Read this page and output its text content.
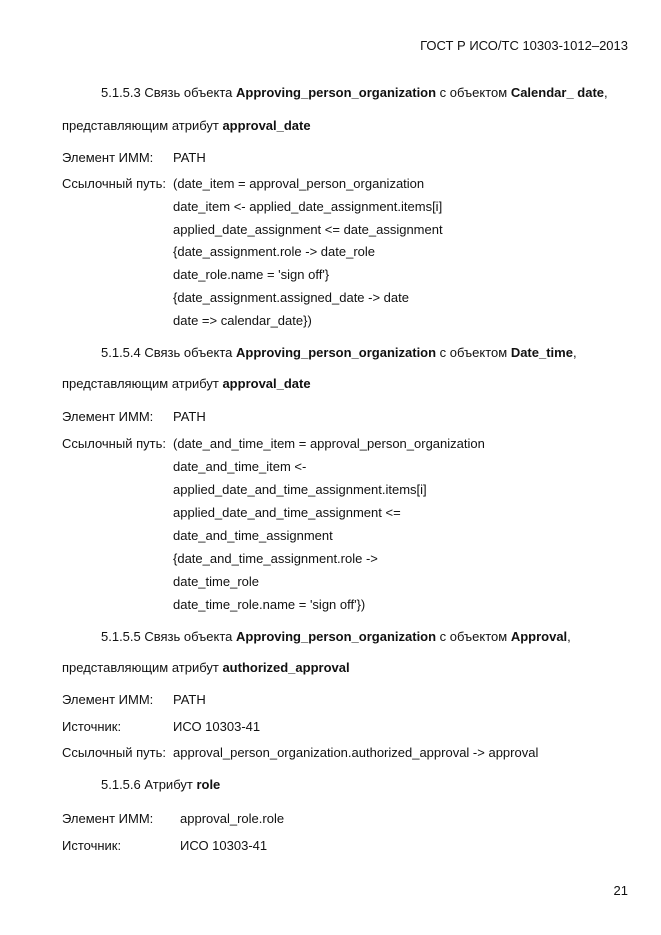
ГОСТ Р ИСО/ТС 10303-1012–2013
5.1.5.3 Связь объекта Approving_person_organization с объектом Calendar_ date,
представляющим атрибут approval_date
Элемент ИММ: PATH
Ссылочный путь: (date_item = approval_person_organization
date_item <- applied_date_assignment.items[i]
applied_date_assignment <= date_assignment
{date_assignment.role -> date_role
date_role.name = 'sign off'}
{date_assignment.assigned_date -> date
date => calendar_date})
5.1.5.4 Связь объекта Approving_person_organization с объектом Date_time,
представляющим атрибут approval_date
Элемент ИММ: PATH
Ссылочный путь: (date_and_time_item = approval_person_organization
date_and_time_item <-
applied_date_and_time_assignment.items[i]
applied_date_and_time_assignment <=
date_and_time_assignment
{date_and_time_assignment.role ->
date_time_role
date_time_role.name = 'sign off'})
5.1.5.5 Связь объекта Approving_person_organization с объектом Approval,
представляющим атрибут authorized_approval
Элемент ИММ: PATH
Источник:	ИСО 10303-41
Ссылочный путь: approval_person_organization.authorized_approval -> approval
5.1.5.6 Атрибут role
Элемент ИММ: approval_role.role
Источник:	ИСО 10303-41
21
